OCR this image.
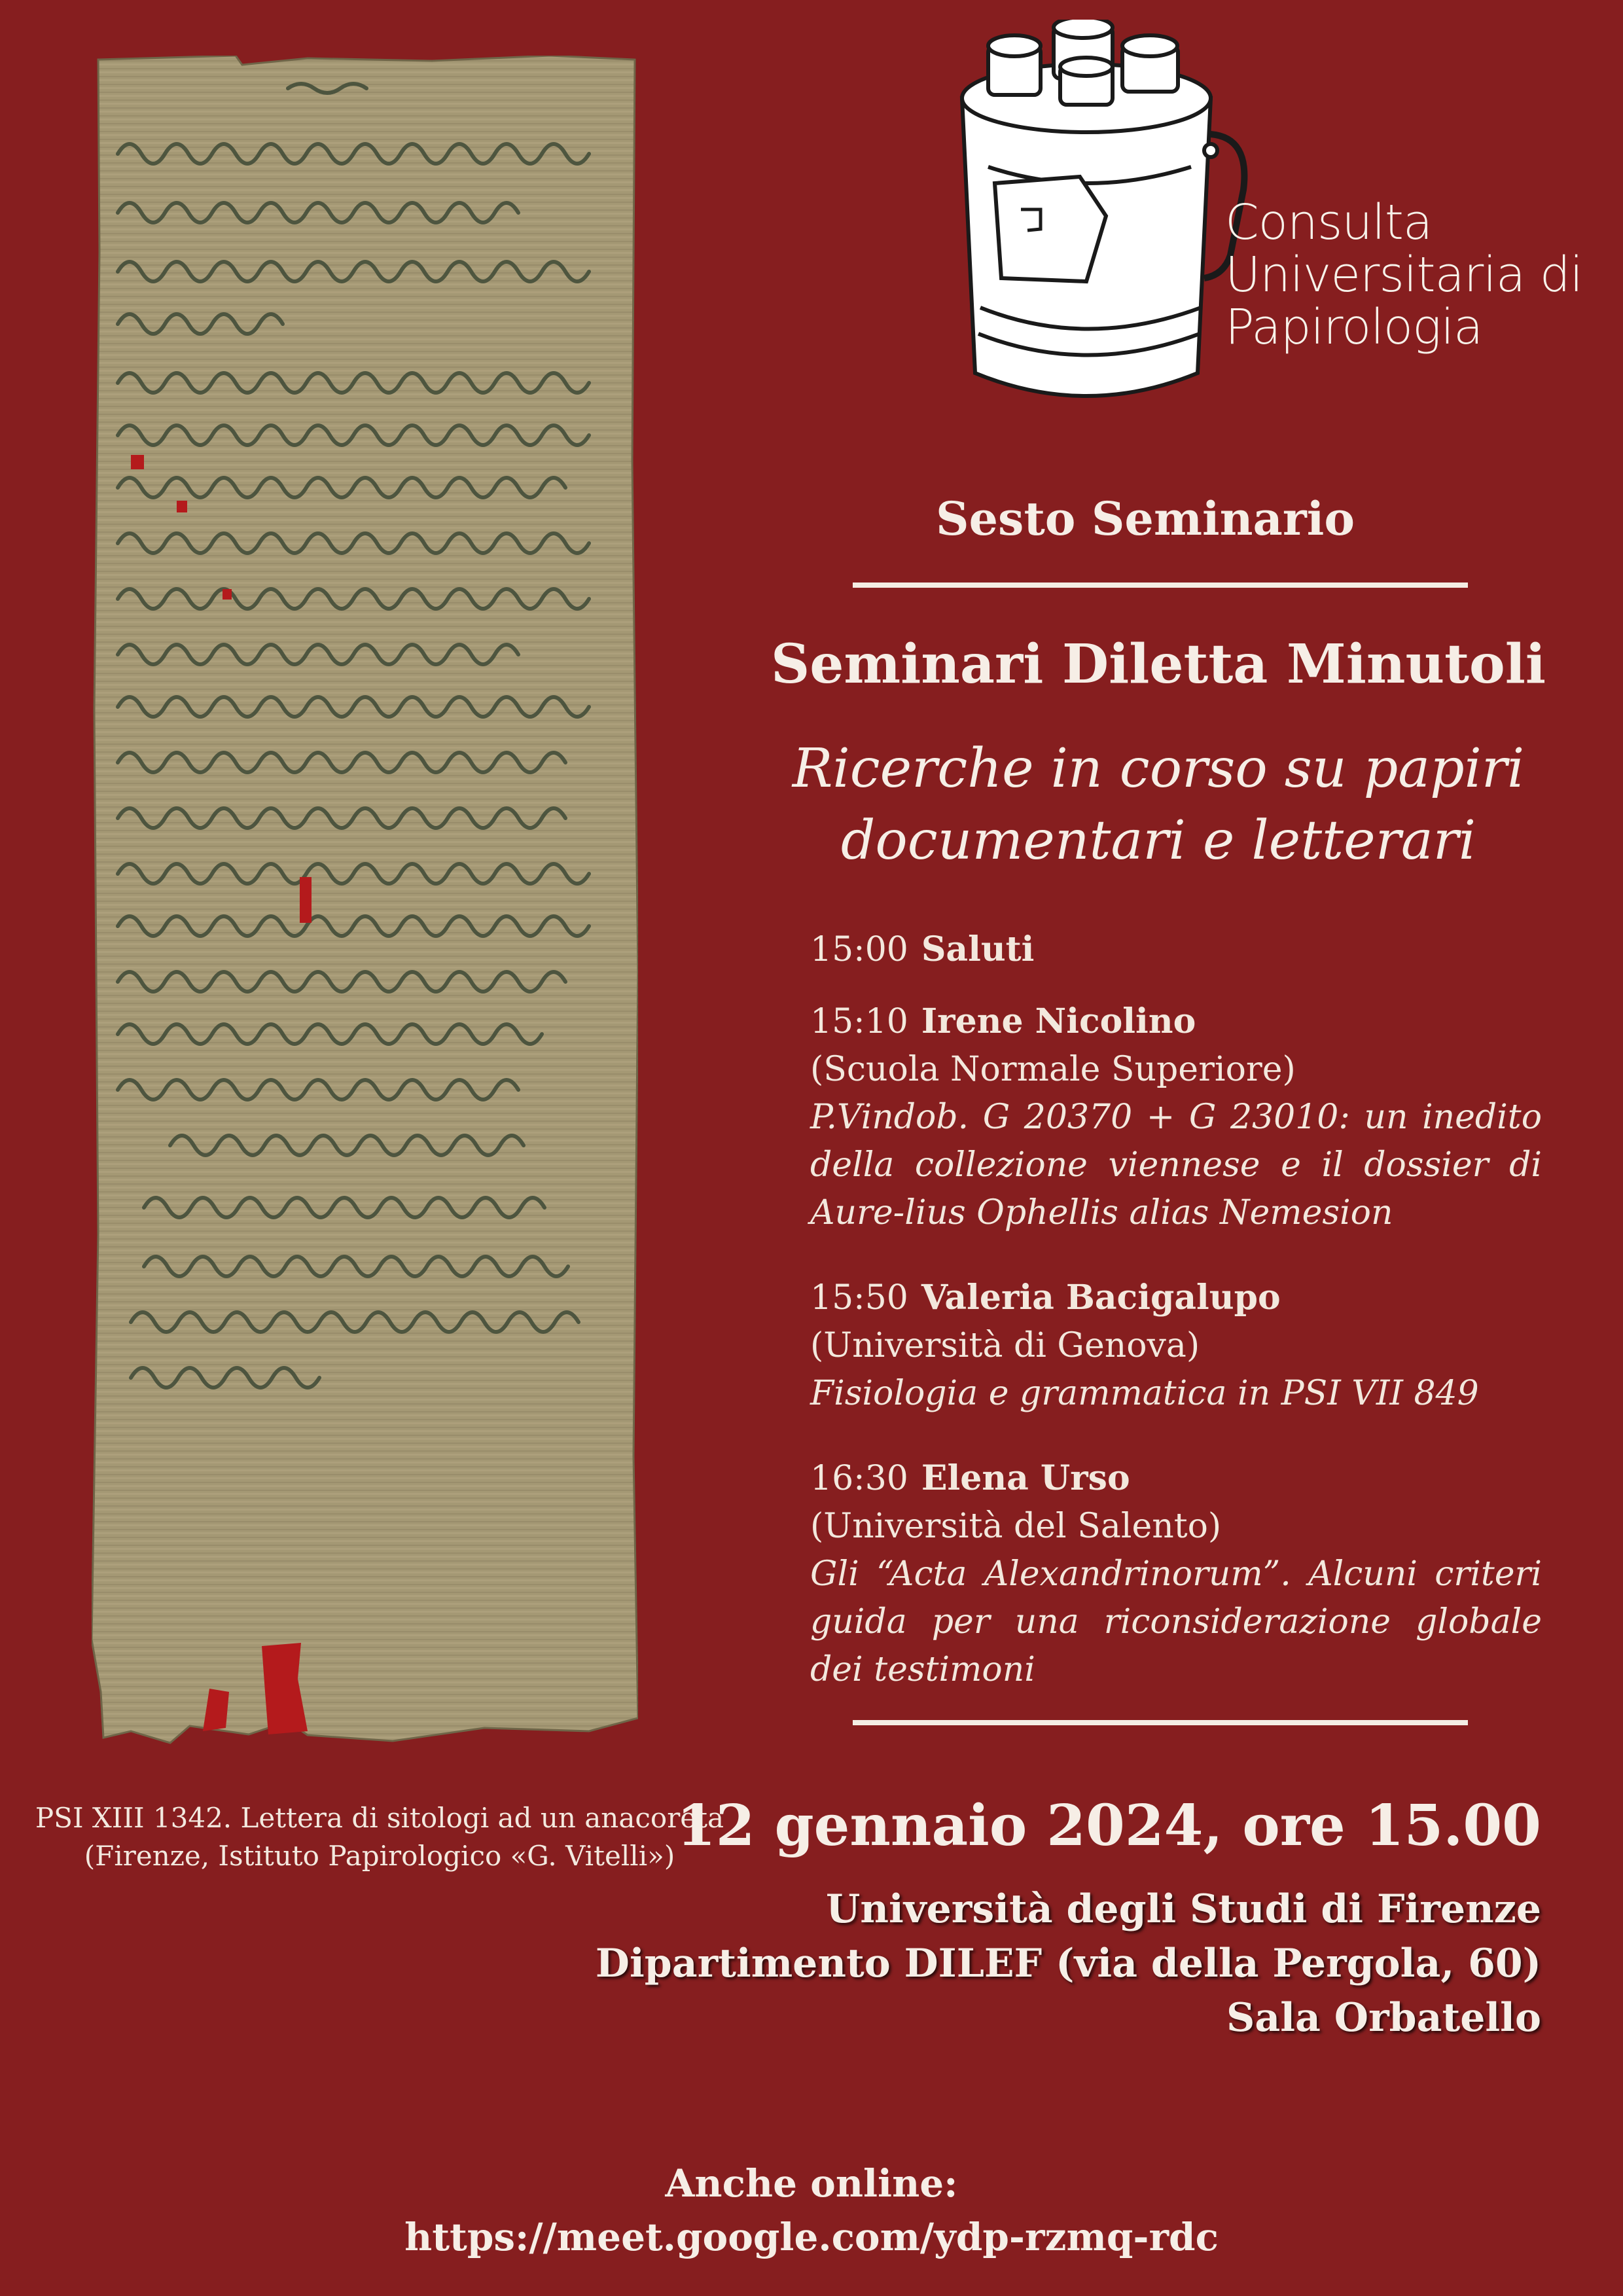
PSI XIII 1342. Lettera di sitologi ad un anacoreta
(Firenze, Istituto Papirologico «G. Vitelli»)
Consulta
Universitaria di
Papirologia
Sesto Seminario
Seminari Diletta Minutoli
Ricerche in corso su papiri
documentari e letterari
15:00 Saluti
15:10 Irene Nicolino
(Scuola Normale Superiore)
P.Vindob. G 20370 + G 23010: un inedito della collezione viennese e il dossier di Aure-lius Ophellis alias Nemesion
15:50 Valeria Bacigalupo
(Università di Genova)
Fisiologia e grammatica in PSI VII 849
16:30 Elena Urso
(Università del Salento)
Gli “Acta Alexandrinorum”. Alcuni criteri guida per una riconsiderazione globale dei testimoni
12 gennaio 2024, ore 15.00
Università degli Studi di Firenze
Dipartimento DILEF (via della Pergola, 60)
Sala Orbatello
Anche online:
https://meet.google.com/ydp-rzmq-rdc
